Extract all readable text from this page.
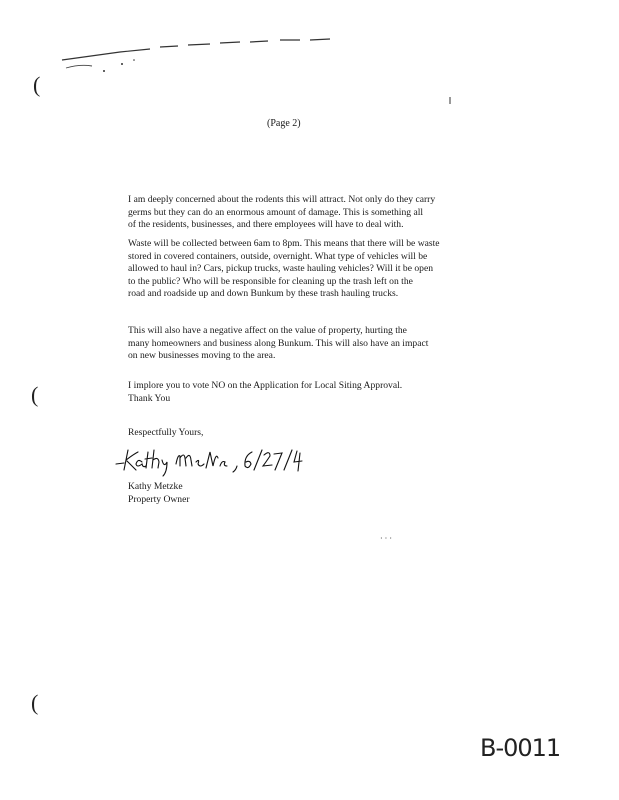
(
(
(
(Page 2)

I am deeply concerned about the rodents this will attract. Not only do they carry
germs but they can do an enormous amount of damage. This is something all
of the residents, businesses, and there employees will have to deal with.

Waste will be collected between 6am to 8pm. This means that there will be waste
stored in covered containers, outside, overnight. What type of vehicles will be
allowed to haul in? Cars, pickup trucks, waste hauling vehicles? Will it be open
to the public? Who will be responsible for cleaning up the trash left on the
road and roadside up and down Bunkum by these trash hauling trucks.

This will also have a negative affect on the value of property, hurting the
many homeowners and business along Bunkum. This will also have an impact
on new businesses moving to the area.

I implore you to vote NO on the Application for Local Siting Approval.
Thank You

Respectfully Yours,
Kathy Metzke
Property Owner
· · ·
B-0011
